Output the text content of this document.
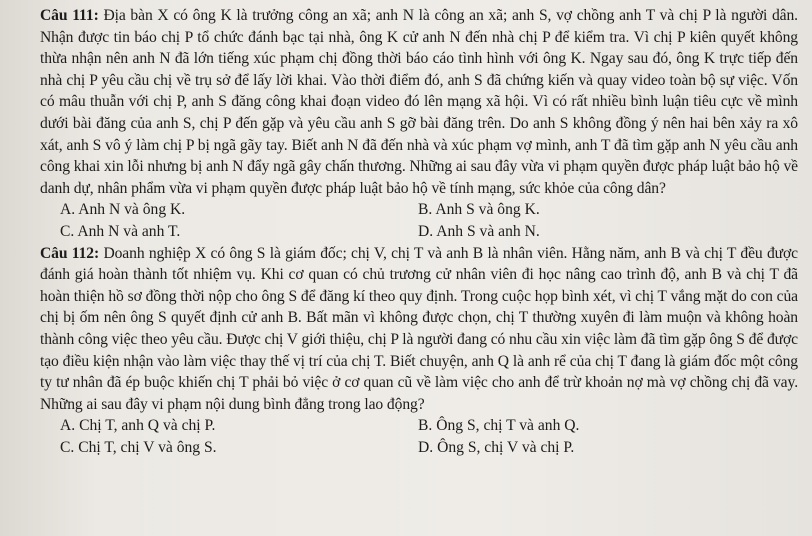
Câu 111: Địa bàn X có ông K là trưởng công an xã; anh N là công an xã; anh S, vợ chồng anh T và chị P là người dân. Nhận được tin báo chị P tổ chức đánh bạc tại nhà, ông K cử anh N đến nhà chị P để kiểm tra. Vì chị P kiên quyết không thừa nhận nên anh N đã lớn tiếng xúc phạm chị đồng thời báo cáo tình hình với ông K. Ngay sau đó, ông K trực tiếp đến nhà chị P yêu cầu chị về trụ sở để lấy lời khai. Vào thời điểm đó, anh S đã chứng kiến và quay video toàn bộ sự việc. Vốn có mâu thuẫn với chị P, anh S đăng công khai đoạn video đó lên mạng xã hội. Vì có rất nhiều bình luận tiêu cực về mình dưới bài đăng của anh S, chị P đến gặp và yêu cầu anh S gỡ bài đăng trên. Do anh S không đồng ý nên hai bên xảy ra xô xát, anh S vô ý làm chị P bị ngã gãy tay. Biết anh N đã đến nhà và xúc phạm vợ mình, anh T đã tìm gặp anh N yêu cầu anh công khai xin lỗi nhưng bị anh N đẩy ngã gây chấn thương. Những ai sau đây vừa vi phạm quyền được pháp luật bảo hộ về danh dự, nhân phẩm vừa vi phạm quyền được pháp luật bảo hộ về tính mạng, sức khỏe của công dân?

A. Anh N và ông K.	B. Anh S và ông K.
C. Anh N và anh T.	D. Anh S và anh N.

Câu 112: Doanh nghiệp X có ông S là giám đốc; chị V, chị T và anh B là nhân viên. Hằng năm, anh B và chị T đều được đánh giá hoàn thành tốt nhiệm vụ. Khi cơ quan có chủ trương cử nhân viên đi học nâng cao trình độ, anh B và chị T đã hoàn thiện hồ sơ đồng thời nộp cho ông S để đăng kí theo quy định. Trong cuộc họp bình xét, vì chị T vắng mặt do con của chị bị ốm nên ông S quyết định cử anh B. Bất mãn vì không được chọn, chị T thường xuyên đi làm muộn và không hoàn thành công việc theo yêu cầu. Được chị V giới thiệu, chị P là người đang có nhu cầu xin việc làm đã tìm gặp ông S để được tạo điều kiện nhận vào làm việc thay thế vị trí của chị T. Biết chuyện, anh Q là anh rể của chị T đang là giám đốc một công ty tư nhân đã ép buộc khiến chị T phải bỏ việc ở cơ quan cũ về làm việc cho anh để trừ khoản nợ mà vợ chồng chị đã vay. Những ai sau đây vi phạm nội dung bình đẳng trong lao động?

A. Chị T, anh Q và chị P.	B. Ông S, chị T và anh Q.
C. Chị T, chị V và ông S.	D. Ông S, chị V và chị P.
